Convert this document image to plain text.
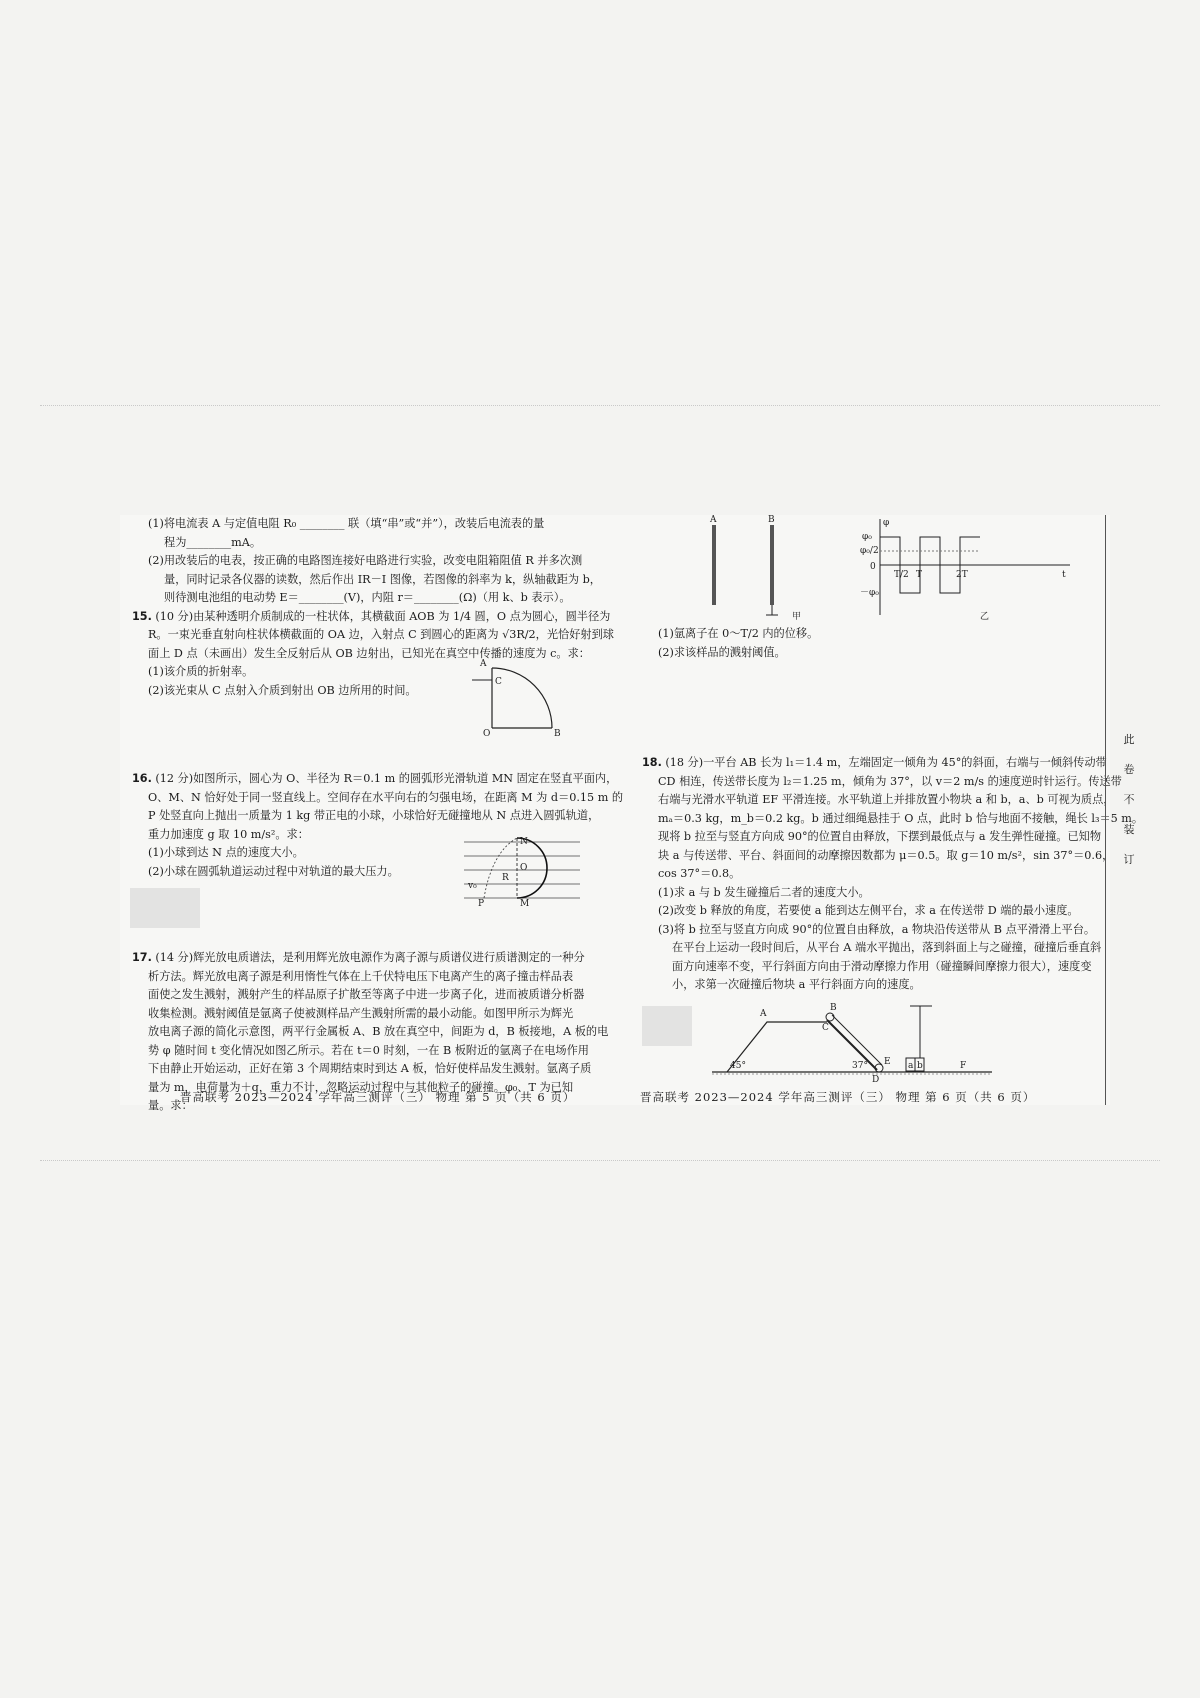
(1)将电流表 A 与定值电阻 R₀ ________ 联（填“串”或“并”），改装后电流表的量
程为________mA。
(2)用改装后的电表，按正确的电路图连接好电路进行实验，改变电阻箱阻值 R 并多次测
量，同时记录各仪器的读数，然后作出 IR－I 图像，若图像的斜率为 k，纵轴截距为 b，
则待测电池组的电动势 E＝________(V)，内阻 r＝________(Ω)（用 k、b 表示）。
15. (10 分)由某种透明介质制成的一柱状体，其横截面 AOB 为 1/4 圆，O 点为圆心，圆半径为
R。一束光垂直射向柱状体横截面的 OA 边，入射点 C 到圆心的距离为 √3R/2，光恰好射到球
面上 D 点（未画出）发生全反射后从 OB 边射出，已知光在真空中传播的速度为 c。求：
(1)该介质的折射率。
(2)该光束从 C 点射入介质到射出 OB 边所用的时间。
A
C
O	B
16. (12 分)如图所示，圆心为 O、半径为 R＝0.1 m 的圆弧形光滑轨道 MN 固定在竖直平面内，
O、M、N 恰好处于同一竖直线上。空间存在水平向右的匀强电场，在距离 M 为 d＝0.15 m 的
P 处竖直向上抛出一质量为 1 kg 带正电的小球，小球恰好无碰撞地从 N 点进入圆弧轨道，
重力加速度 g 取 10 m/s²。求：
(1)小球到达 N 点的速度大小。
(2)小球在圆弧轨道运动过程中对轨道的最大压力。
N
O
R
v₀
P	M
17. (14 分)辉光放电质谱法，是利用辉光放电源作为离子源与质谱仪进行质谱测定的一种分
析方法。辉光放电离子源是利用惰性气体在上千伏特电压下电离产生的离子撞击样品表
面使之发生溅射，溅射产生的样品原子扩散至等离子中进一步离子化，进而被质谱分析器
收集检测。溅射阈值是氩离子使被测样品产生溅射所需的最小动能。如图甲所示为辉光
放电离子源的简化示意图，两平行金属板 A、B 放在真空中，间距为 d，B 板接地，A 板的电
势 φ 随时间 t 变化情况如图乙所示。若在 t＝0 时刻，一在 B 板附近的氩离子在电场作用
下由静止开始运动，正好在第 3 个周期结束时到达 A 板，恰好使样品发生溅射。氩离子质
量为 m，电荷量为＋q，重力不计，忽略运动过程中与其他粒子的碰撞。φ₀、T 为已知
量。求：
晋高联考 2023—2024 学年高三测评（三） 物理 第 5 页（共 6 页）
A	B
甲
φ
φ₀
φ₀/2
0
T/2 T	2T	t
－φ₀
乙
(1)氩离子在 0～T/2 内的位移。
(2)求该样品的溅射阈值。
18. (18 分)一平台 AB 长为 l₁＝1.4 m，左端固定一倾角为 45°的斜面，右端与一倾斜传动带
CD 相连，传送带长度为 l₂＝1.25 m，倾角为 37°，以 v＝2 m/s 的速度逆时针运行。传送带
右端与光滑水平轨道 EF 平滑连接。水平轨道上并排放置小物块 a 和 b，a、b 可视为质点，
mₐ＝0.3 kg，m_b＝0.2 kg。b 通过细绳悬挂于 O 点，此时 b 恰与地面不接触，绳长 l₃＝5 m。
现将 b 拉至与竖直方向成 90°的位置自由释放，下摆到最低点与 a 发生弹性碰撞。已知物
块 a 与传送带、平台、斜面间的动摩擦因数都为 μ＝0.5。取 g＝10 m/s²，sin 37°＝0.6，
cos 37°＝0.8。
(1)求 a 与 b 发生碰撞后二者的速度大小。
(2)改变 b 释放的角度，若要使 a 能到达左侧平台，求 a 在传送带 D 端的最小速度。
(3)将 b 拉至与竖直方向成 90°的位置自由释放，a 物块沿传送带从 B 点平滑滑上平台。
在平台上运动一段时间后，从平台 A 端水平抛出，落到斜面上与之碰撞，碰撞后垂直斜
面方向速率不变，平行斜面方向由于滑动摩擦力作用（碰撞瞬间摩擦力很大），速度变
小，求第一次碰撞后物块 a 平行斜面方向的速度。
A
B
C
45°	37°
D
E a b	F
晋高联考 2023—2024 学年高三测评（三） 物理 第 6 页（共 6 页）
此
卷
不
装
订
